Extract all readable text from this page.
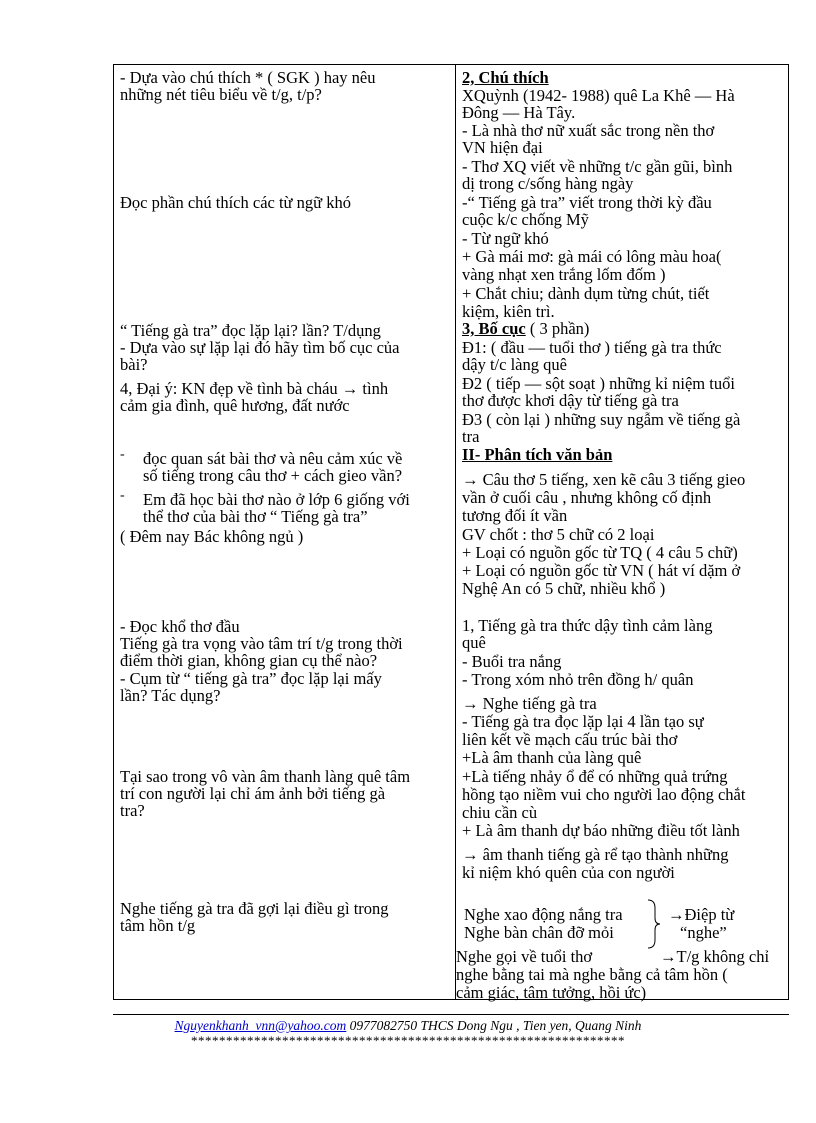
- Dựa vào chú thích * ( SGK ) hay nêu
những nét tiêu biểu về t/g, t/p?
Đọc phần chú thích các từ ngữ khó
“ Tiếng gà tra” đọc lặp lại? lần? T/dụng
- Dựa vào sự lặp lại đó hãy tìm bố cục của
bài?
4, Đại ý: KN đẹp về tình bà cháu → tình
cảm gia đình, quê hương, đất nước
- đọc quan sát bài thơ và nêu cảm xúc về
số tiếng trong câu thơ + cách gieo vần?
- Em đã học bài thơ nào ở lớp 6 giống với
thể thơ của bài thơ “ Tiếng gà tra”
( Đêm nay Bác không ngủ )
- Đọc khổ thơ đầu
Tiếng gà tra vọng vào tâm trí t/g trong thời
điểm thời gian, không gian cụ thể nào?
- Cụm từ “ tiếng gà tra” đọc lặp lại mấy
lần? Tác dụng?
Tại sao trong vô vàn âm thanh làng quê tâm
trí con người lại chỉ ám ảnh bởi tiếng gà
tra?
Nghe tiếng gà tra đã gợi lại điều gì trong
tâm hồn t/g
2, Chú thích
XQuỳnh (1942- 1988) quê La Khê — Hà
Đông — Hà Tây.
- Là nhà thơ nữ xuất sắc trong nền thơ
VN hiện đại
- Thơ XQ viết về những t/c gần gũi, bình
dị trong c/sống hàng ngày
-“ Tiếng gà tra” viết trong thời kỳ đầu
cuộc k/c chống Mỹ
- Từ ngữ khó
+ Gà mái mơ: gà mái có lông màu hoa(
vàng nhạt xen trắng lốm đốm )
+ Chắt chiu; dành dụm từng chút, tiết
kiệm, kiên trì.
3, Bố cục ( 3 phần)
Đ1: ( đầu — tuổi thơ ) tiếng gà tra thức
dậy t/c làng quê
Đ2 ( tiếp — sột soạt ) những kỉ niệm tuổi
thơ được khơi dậy từ tiếng gà tra
Đ3 ( còn lại ) những suy ngẫm về tiếng gà
tra
II- Phân tích văn bản
→ Câu thơ 5 tiếng, xen kẽ câu 3 tiếng gieo
vần ở cuối câu , nhưng không cố định
tương đối ít vần
GV chốt : thơ 5 chữ có 2 loại
+ Loại có nguồn gốc từ TQ ( 4 câu 5 chữ)
+ Loại có nguồn gốc từ VN ( hát ví dặm ở
Nghệ An có 5 chữ, nhiều khổ )
1, Tiếng gà tra thức dậy tình cảm làng
quê
- Buổi tra nắng
- Trong xóm nhỏ trên đồng h/ quân
→ Nghe tiếng gà tra
- Tiếng gà tra đọc lặp lại 4 lần tạo sự
liên kết về mạch cấu trúc bài thơ
+Là âm thanh của làng quê
+Là tiếng nhảy ổ để có những quả trứng
hồng tạo niềm vui cho người lao động chắt
chiu cần cù
+ Là âm thanh dự báo những điều tốt lành
→ âm thanh tiếng gà rể tạo thành những
kỉ niệm khó quên của con người
Nghe xao động nắng tra
Nghe bàn chân đỡ mỏi
→Điệp từ
“nghe”
Nghe gọi về tuổi thơ	→T/g không chỉ
nghe bằng tai mà nghe bằng cả tâm hồn (
cảm giác, tâm tưởng, hồi ức)
Nguyenkhanh_vnn@yahoo.com 0977082750 THCS Dong Ngu , Tien yen, Quang Ninh
**************************************************************
